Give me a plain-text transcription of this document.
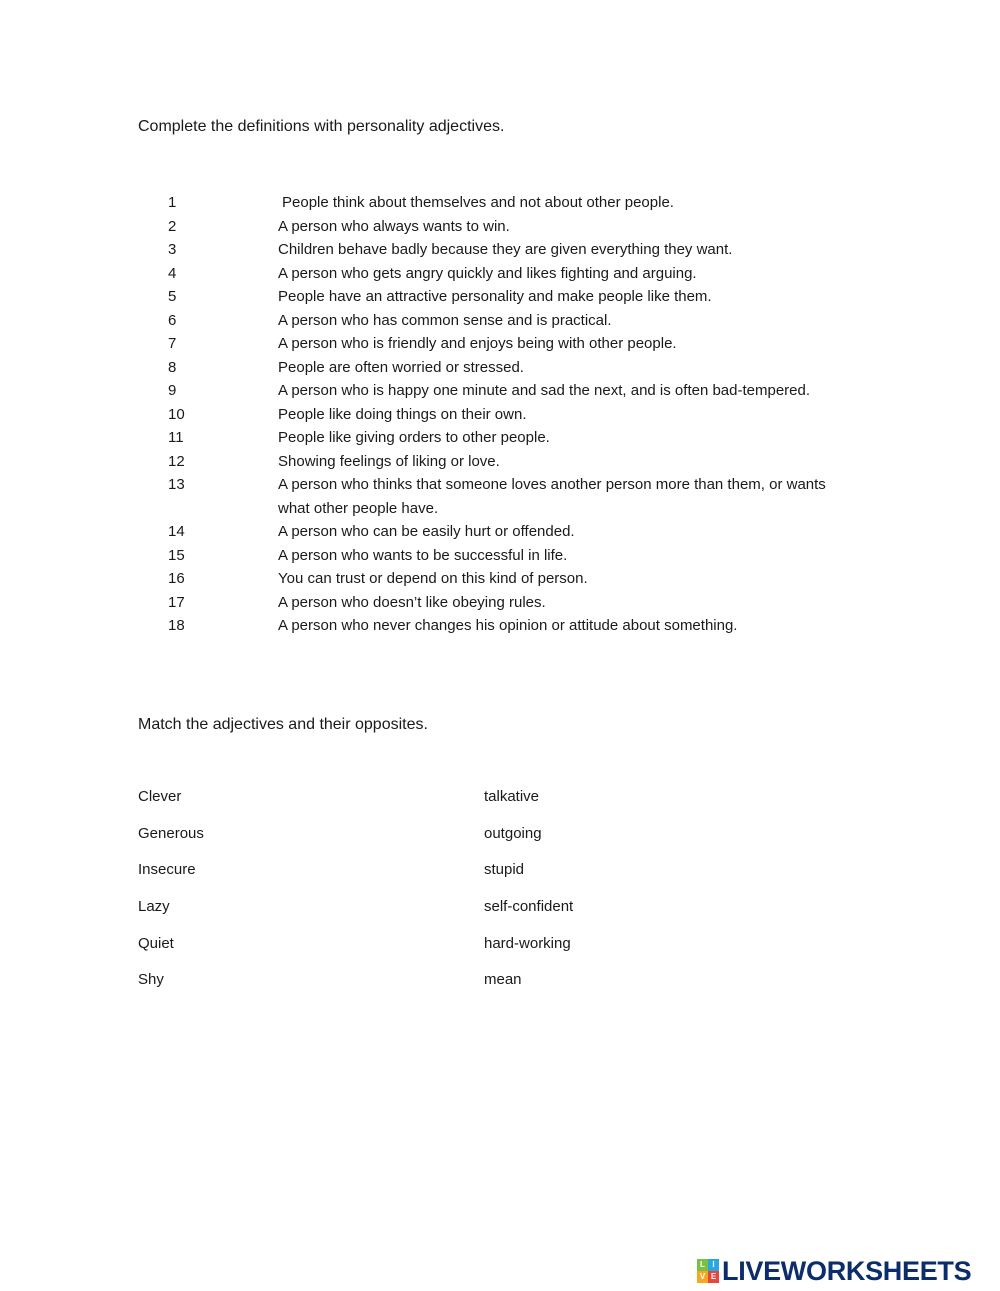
Complete the definitions with personality adjectives.
1	People think about themselves and not about other people.
2	A person who always wants to win.
3	Children behave badly because they are given everything they want.
4	A person who gets angry quickly and likes fighting and arguing.
5	People have an attractive personality and make people like them.
6	A person who has common sense and is practical.
7	A person who is friendly and enjoys being with other people.
8	People are often worried or stressed.
9	A person who is happy one minute and sad the next, and is often bad-tempered.
10	People like doing things on their own.
11	People like giving orders to other people.
12	Showing feelings of liking or love.
13	A person who thinks that someone loves another person more than them, or wants what other people have.
14	A person who can be easily hurt or offended.
15	A person who wants to be successful in life.
16	You can trust or depend on this kind of person.
17	A person who doesn’t like obeying rules.
18	A person who never changes his opinion or attitude about something.
Match the adjectives and their opposites.
Clever	talkative
Generous	outgoing
Insecure	stupid
Lazy	self-confident
Quiet	hard-working
Shy	mean
L I
V E LIVEWORKSHEETS
